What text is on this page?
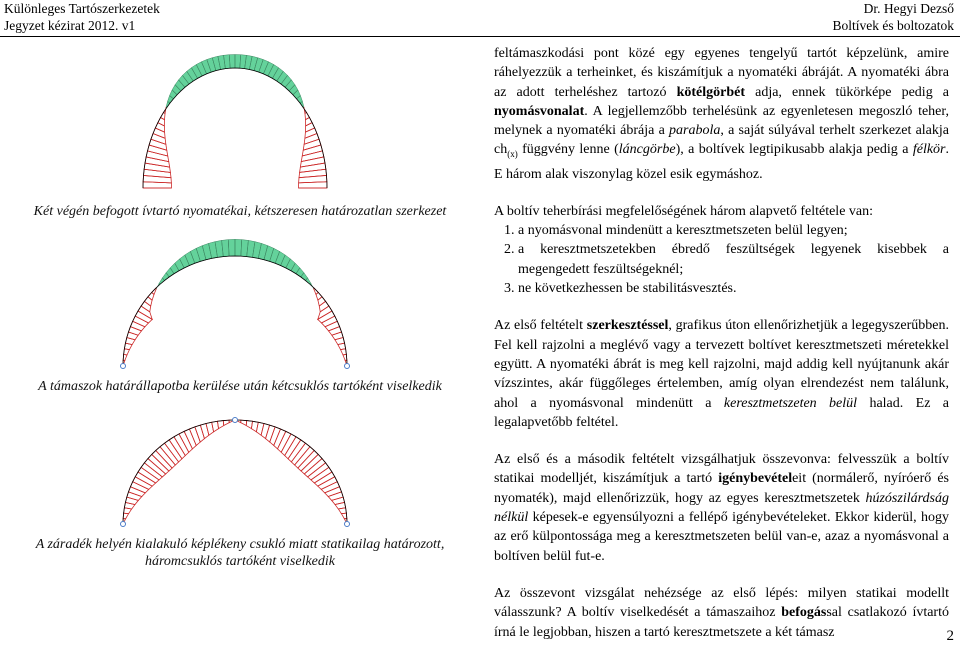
Különleges Tartószerkezetek
Jegyzet kézirat 2012. v1
Dr. Hegyi Dezső
Boltívek és boltozatok
Két végén befogott ívtartó nyomatékai, kétszeresen határozatlan szerkezet
A támaszok határállapotba kerülése után kétcsuklós tartóként viselkedik
A záradék helyén kialakuló képlékeny csukló miatt statikailag határozott,
háromcsuklós tartóként viselkedik

feltámaszkodási pont közé egy egyenes tengelyű tartót képzelünk, amire ráhelyezzük a terheinket, és kiszámítjuk a nyomatéki ábráját. A nyomatéki ábra az adott terheléshez tartozó kötélgörbét adja, ennek tükörképe pedig a nyomásvonalat. A legjellemzőbb terhelésünk az egyenletesen megoszló teher, melynek a nyomatéki ábrája a parabola, a saját súlyával terhelt szerkezet alakja $ch_{(x)}$ függvény lenne (láncgörbe), a boltívek legtipikusabb alakja pedig a félkör. E három alak viszonylag közel esik egymáshoz.

A boltív teherbírási megfelelőségének három alapvető feltétele van:

1. a nyomásvonal mindenütt a keresztmetszeten belül legyen;
2. a keresztmetszetekben ébredő feszültségek legyenek kisebbek a megengedett feszültségeknél;
3. ne következhessen be stabilitásvesztés.

Az első feltételt szerkesztéssel, grafikus úton ellenőrizhetjük a legegyszerűbben. Fel kell rajzolni a meglévő vagy a tervezett boltívet keresztmetszeti méretekkel együtt. A nyomatéki ábrát is meg kell rajzolni, majd addig kell nyújtanunk akár vízszintes, akár függőleges értelemben, amíg olyan elrendezést nem találunk, ahol a nyomásvonal mindenütt a keresztmetszeten belül halad. Ez a legalapvetőbb feltétel.

Az első és a második feltételt vizsgálhatjuk összevonva: felvesszük a boltív statikai modelljét, kiszámítjuk a tartó igénybevételeit (normálerő, nyíróerő és nyomaték), majd ellenőrizzük, hogy az egyes keresztmetszetek húzószilárdság nélkül képesek-e egyensúlyozni a fellépő igénybevételeket. Ekkor kiderül, hogy az erő külpontossága meg a keresztmetszeten belül van-e, azaz a nyomásvonal a boltíven belül fut-e.

Az összevont vizsgálat nehézsége az első lépés: milyen statikai modellt válasszunk? A boltív viselkedését a támaszaihoz befogással csatlakozó ívtartó írná le legjobban, hiszen a tartó keresztmetszete a két támasz	2
